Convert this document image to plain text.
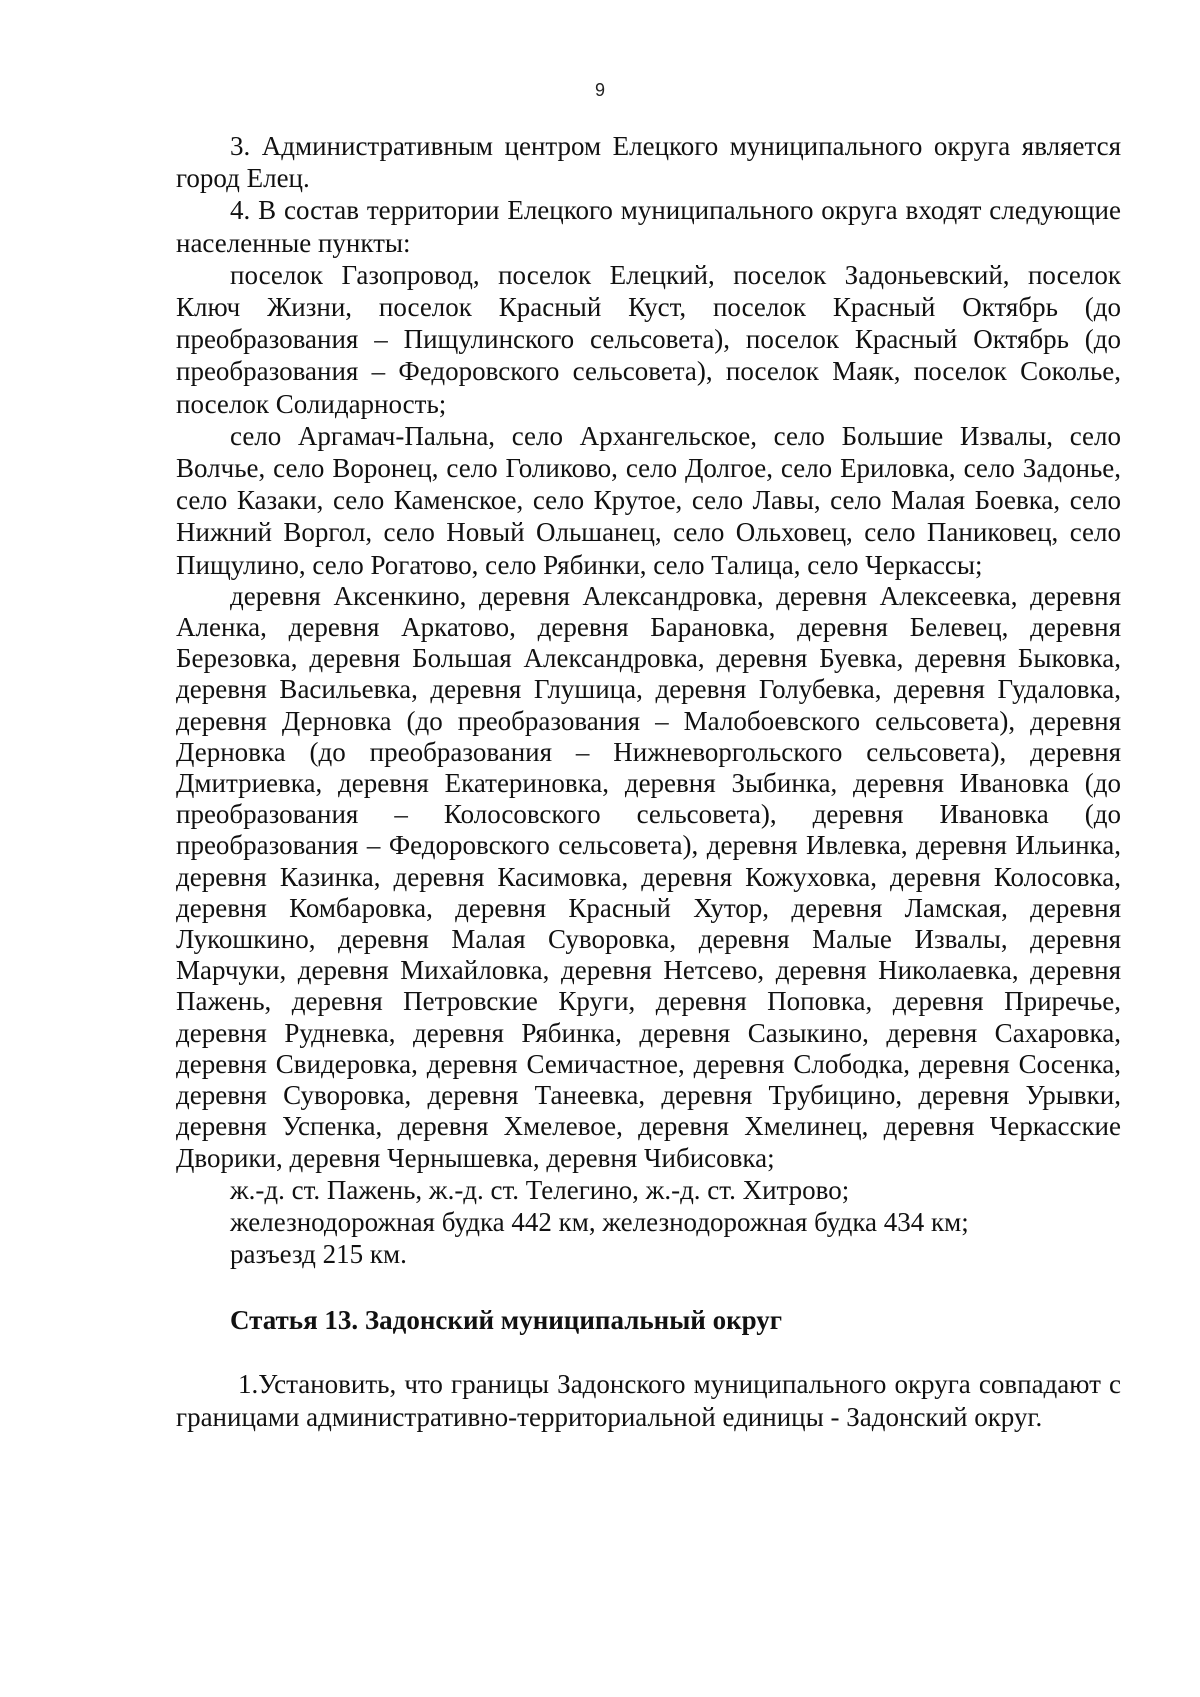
9

3. Административным центром Елецкого муниципального округа является город Елец.

4. В состав территории Елецкого муниципального округа входят следующие населенные пункты:

поселок Газопровод, поселок Елецкий, поселок Задоньевский, поселок Ключ Жизни, поселок Красный Куст, поселок Красный Октябрь (до преобразования – Пищулинского сельсовета), поселок Красный Октябрь (до преобразования – Федоровского сельсовета), поселок Маяк, поселок Соколье, поселок Солидарность;

село Аргамач-Пальна, село Архангельское, село Большие Извалы, село Волчье, село Воронец, село Голиково, село Долгое, село Ериловка, село Задонье, село Казаки, село Каменское, село Крутое, село Лавы, село Малая Боевка, село Нижний Воргол, село Новый Ольшанец, село Ольховец, село Паниковец, село Пищулино, село Рогатово, село Рябинки, село Талица, село Черкассы;

деревня Аксенкино, деревня Александровка, деревня Алексеевка, деревня Аленка, деревня Аркатово, деревня Барановка, деревня Белевец, деревня Березовка, деревня Большая Александровка, деревня Буевка, деревня Быковка, деревня Васильевка, деревня Глушица, деревня Голубевка, деревня Гудаловка, деревня Дерновка (до преобразования – Малобоевского сельсовета), деревня Дерновка (до преобразования – Нижневоргольского сельсовета), деревня Дмитриевка, деревня Екатериновка, деревня Зыбинка, деревня Ивановка (до преобразования – Колосовского сельсовета), деревня Ивановка (до преобразования – Федоровского сельсовета), деревня Ивлевка, деревня Ильинка, деревня Казинка, деревня Касимовка, деревня Кожуховка, деревня Колосовка, деревня Комбаровка, деревня Красный Хутор, деревня Ламская, деревня Лукошкино, деревня Малая Суворовка, деревня Малые Извалы, деревня Марчуки, деревня Михайловка, деревня Нетсево, деревня Николаевка, деревня Пажень, деревня Петровские Круги, деревня Поповка, деревня Приречье, деревня Рудневка, деревня Рябинка, деревня Сазыкино, деревня Сахаровка, деревня Свидеровка, деревня Семичастное, деревня Слободка, деревня Сосенка, деревня Суворовка, деревня Танеевка, деревня Трубицино, деревня Урывки, деревня Успенка, деревня Хмелевое, деревня Хмелинец, деревня Черкасские Дворики, деревня Чернышевка, деревня Чибисовка;

ж.-д. ст. Пажень, ж.-д. ст. Телегино, ж.-д. ст. Хитрово;

железнодорожная будка 442 км, железнодорожная будка 434 км;

разъезд 215 км.

Статья 13. Задонский муниципальный округ

1.Установить, что границы Задонского муниципального округа совпадают с границами административно-территориальной единицы - Задонский округ.
